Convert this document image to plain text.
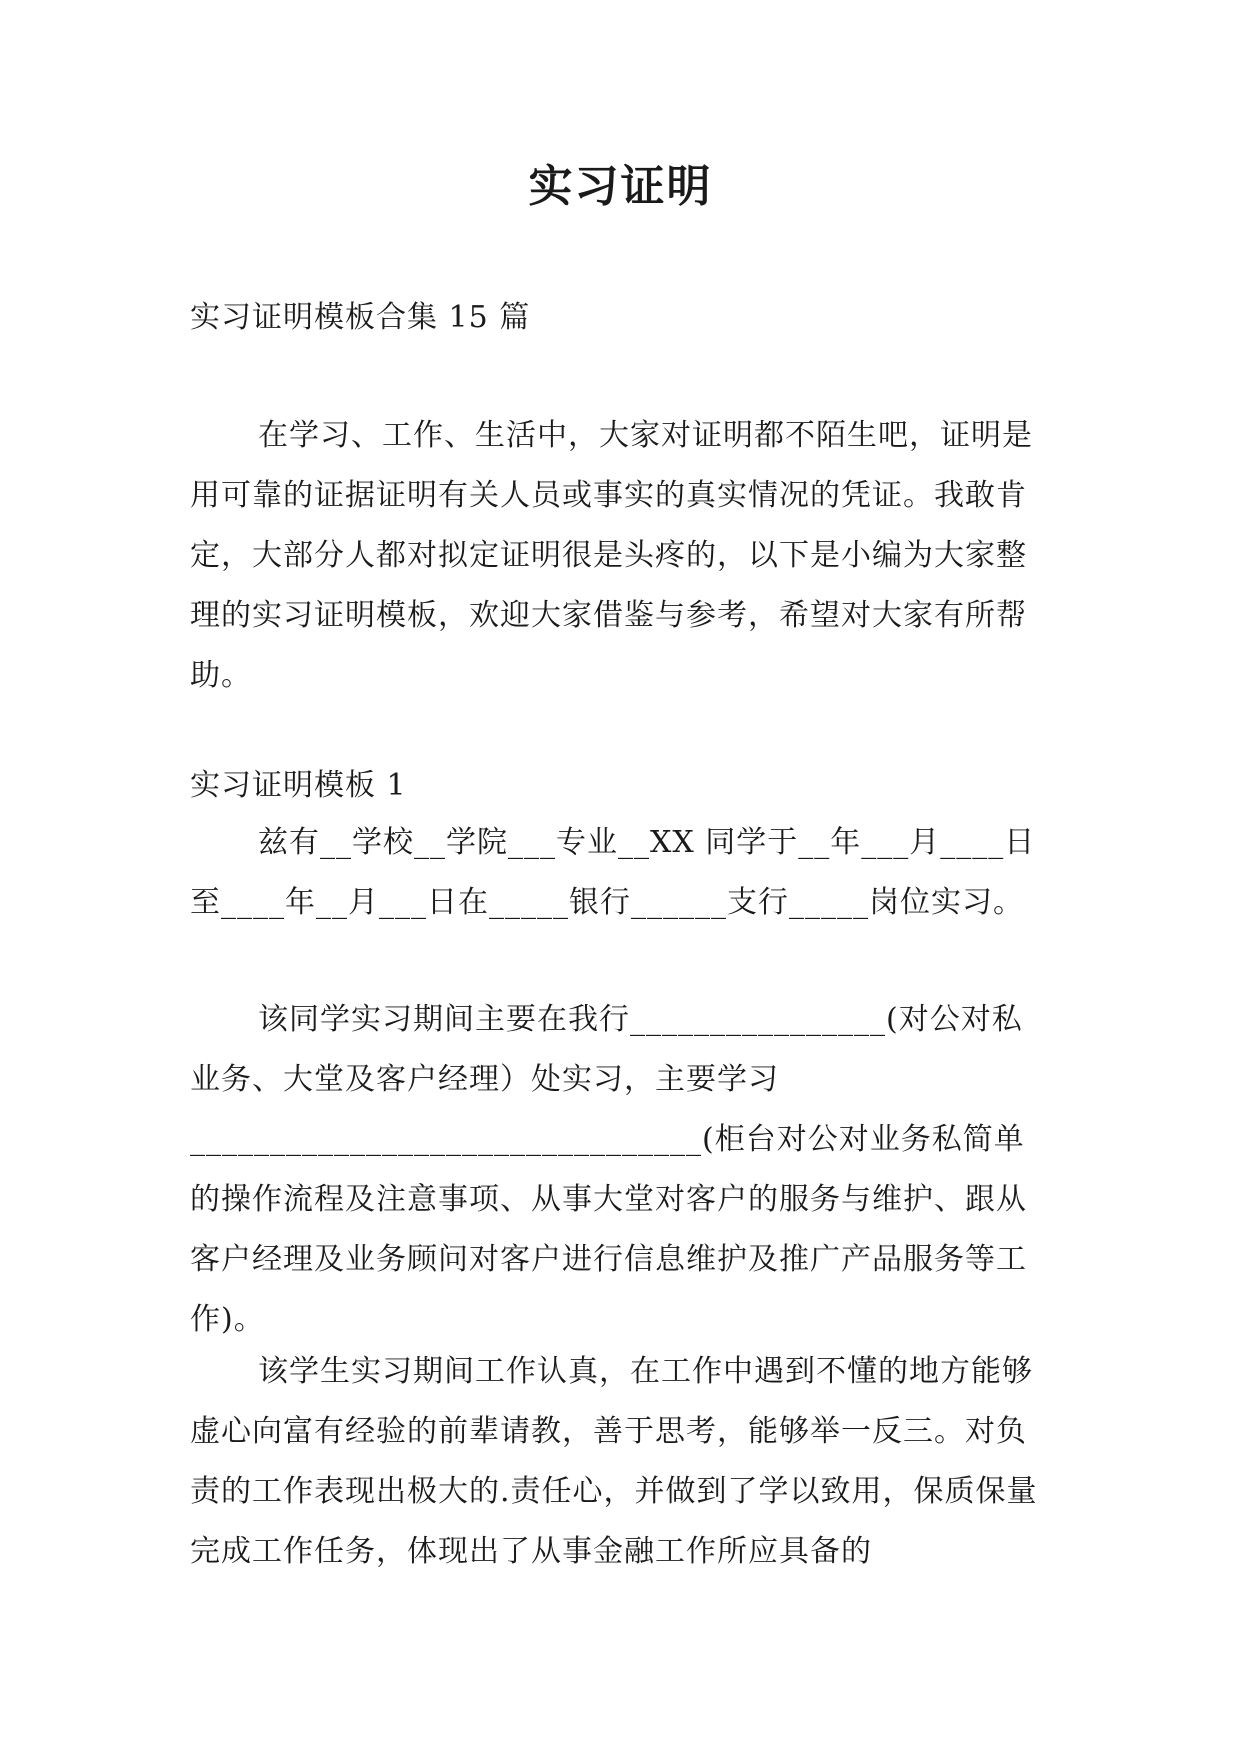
实习证明

实习证明模板合集 15 篇

在学习、工作、生活中，大家对证明都不陌生吧，证明是用可靠的证据证明有关人员或事实的真实情况的凭证。我敢肯定，大部分人都对拟定证明很是头疼的，以下是小编为大家整理的实习证明模板，欢迎大家借鉴与参考，希望对大家有所帮助。

实习证明模板 1

兹有__学校__学院___专业__XX 同学于__年___月____日至____年__月___日在_____银行______支行_____岗位实习。

该同学实习期间主要在我行________________(对公对私业务、大堂及客户经理）处实习，主要学习________________________________(柜台对公对业务私简单的操作流程及注意事项、从事大堂对客户的服务与维护、跟从客户经理及业务顾问对客户进行信息维护及推广产品服务等工作)。

该学生实习期间工作认真，在工作中遇到不懂的地方能够虚心向富有经验的前辈请教，善于思考，能够举一反三。对负责的工作表现出极大的.责任心，并做到了学以致用，保质保量完成工作任务，体现出了从事金融工作所应具备的
